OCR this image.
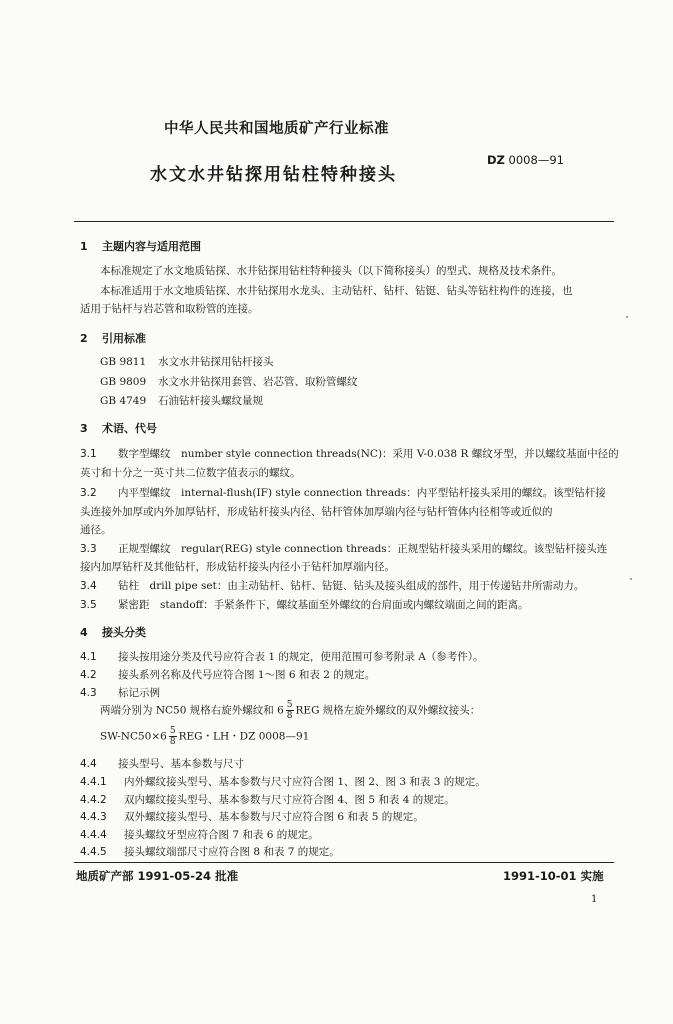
中华人民共和国地质矿产行业标准
水文水井钻探用钻柱特种接头
DZ 0008—91
1 主题内容与适用范围
本标准规定了水文地质钻探、水井钻探用钻柱特种接头（以下简称接头）的型式、规格及技术条件。
本标准适用于水文地质钻探、水井钻探用水龙头、主动钻杆、钻杆、钻铤、钻头等钻柱构件的连接，也
适用于钻杆与岩芯管和取粉管的连接。
2 引用标准
GB 9811 水文水井钻探用钻杆接头
GB 9809 水文水井钻探用套管、岩芯管、取粉管螺纹
GB 4749 石油钻杆接头螺纹量规
3 术语、代号
3.1 数字型螺纹　number style connection threads(NC)：采用 V-0.038 R 螺纹牙型，并以螺纹基面中径的
英寸和十分之一英寸共二位数字值表示的螺纹。
3.2 内平型螺纹　internal-flush(IF) style connection threads：内平型钻杆接头采用的螺纹。该型钻杆接
头连接外加厚或内外加厚钻杆，形成钻杆接头内径、钻杆管体加厚端内径与钻杆管体内径相等或近似的
通径。
3.3 正规型螺纹　regular(REG) style connection threads：正规型钻杆接头采用的螺纹。该型钻杆接头连
接内加厚钻杆及其他钻杆，形成钻杆接头内径小于钻杆加厚端内径。
3.4 钻柱　drill pipe set：由主动钻杆、钻杆、钻铤、钻头及接头组成的部件，用于传递钻井所需动力。
3.5 紧密距　standoff：手紧条件下，螺纹基面至外螺纹的台肩面或内螺纹端面之间的距离。
4 接头分类
4.1 接头按用途分类及代号应符合表 1 的规定，使用范围可参考附录 A（参考件）。
4.2 接头系列名称及代号应符合图 1～图 6 和表 2 的规定。
4.3 标记示例
两端分别为 NC50 规格右旋外螺纹和 $6 \frac{5}{8}$ REG 规格左旋外螺纹的双外螺纹接头：
$SW-NC50\times 6 \frac{5}{8}$ REG・LH・DZ 0008—91
4.4 接头型号、基本参数与尺寸
4.4.1 内外螺纹接头型号、基本参数与尺寸应符合图 1、图 2、图 3 和表 3 的规定。
4.4.2 双内螺纹接头型号、基本参数与尺寸应符合图 4、图 5 和表 4 的规定。
4.4.3 双外螺纹接头型号、基本参数与尺寸应符合图 6 和表 5 的规定。
4.4.4 接头螺纹牙型应符合图 7 和表 6 的规定。
4.4.5 接头螺纹端部尺寸应符合图 8 和表 7 的规定。
地质矿产部 1991-05-24 批准	1991-10-01 实施
1
